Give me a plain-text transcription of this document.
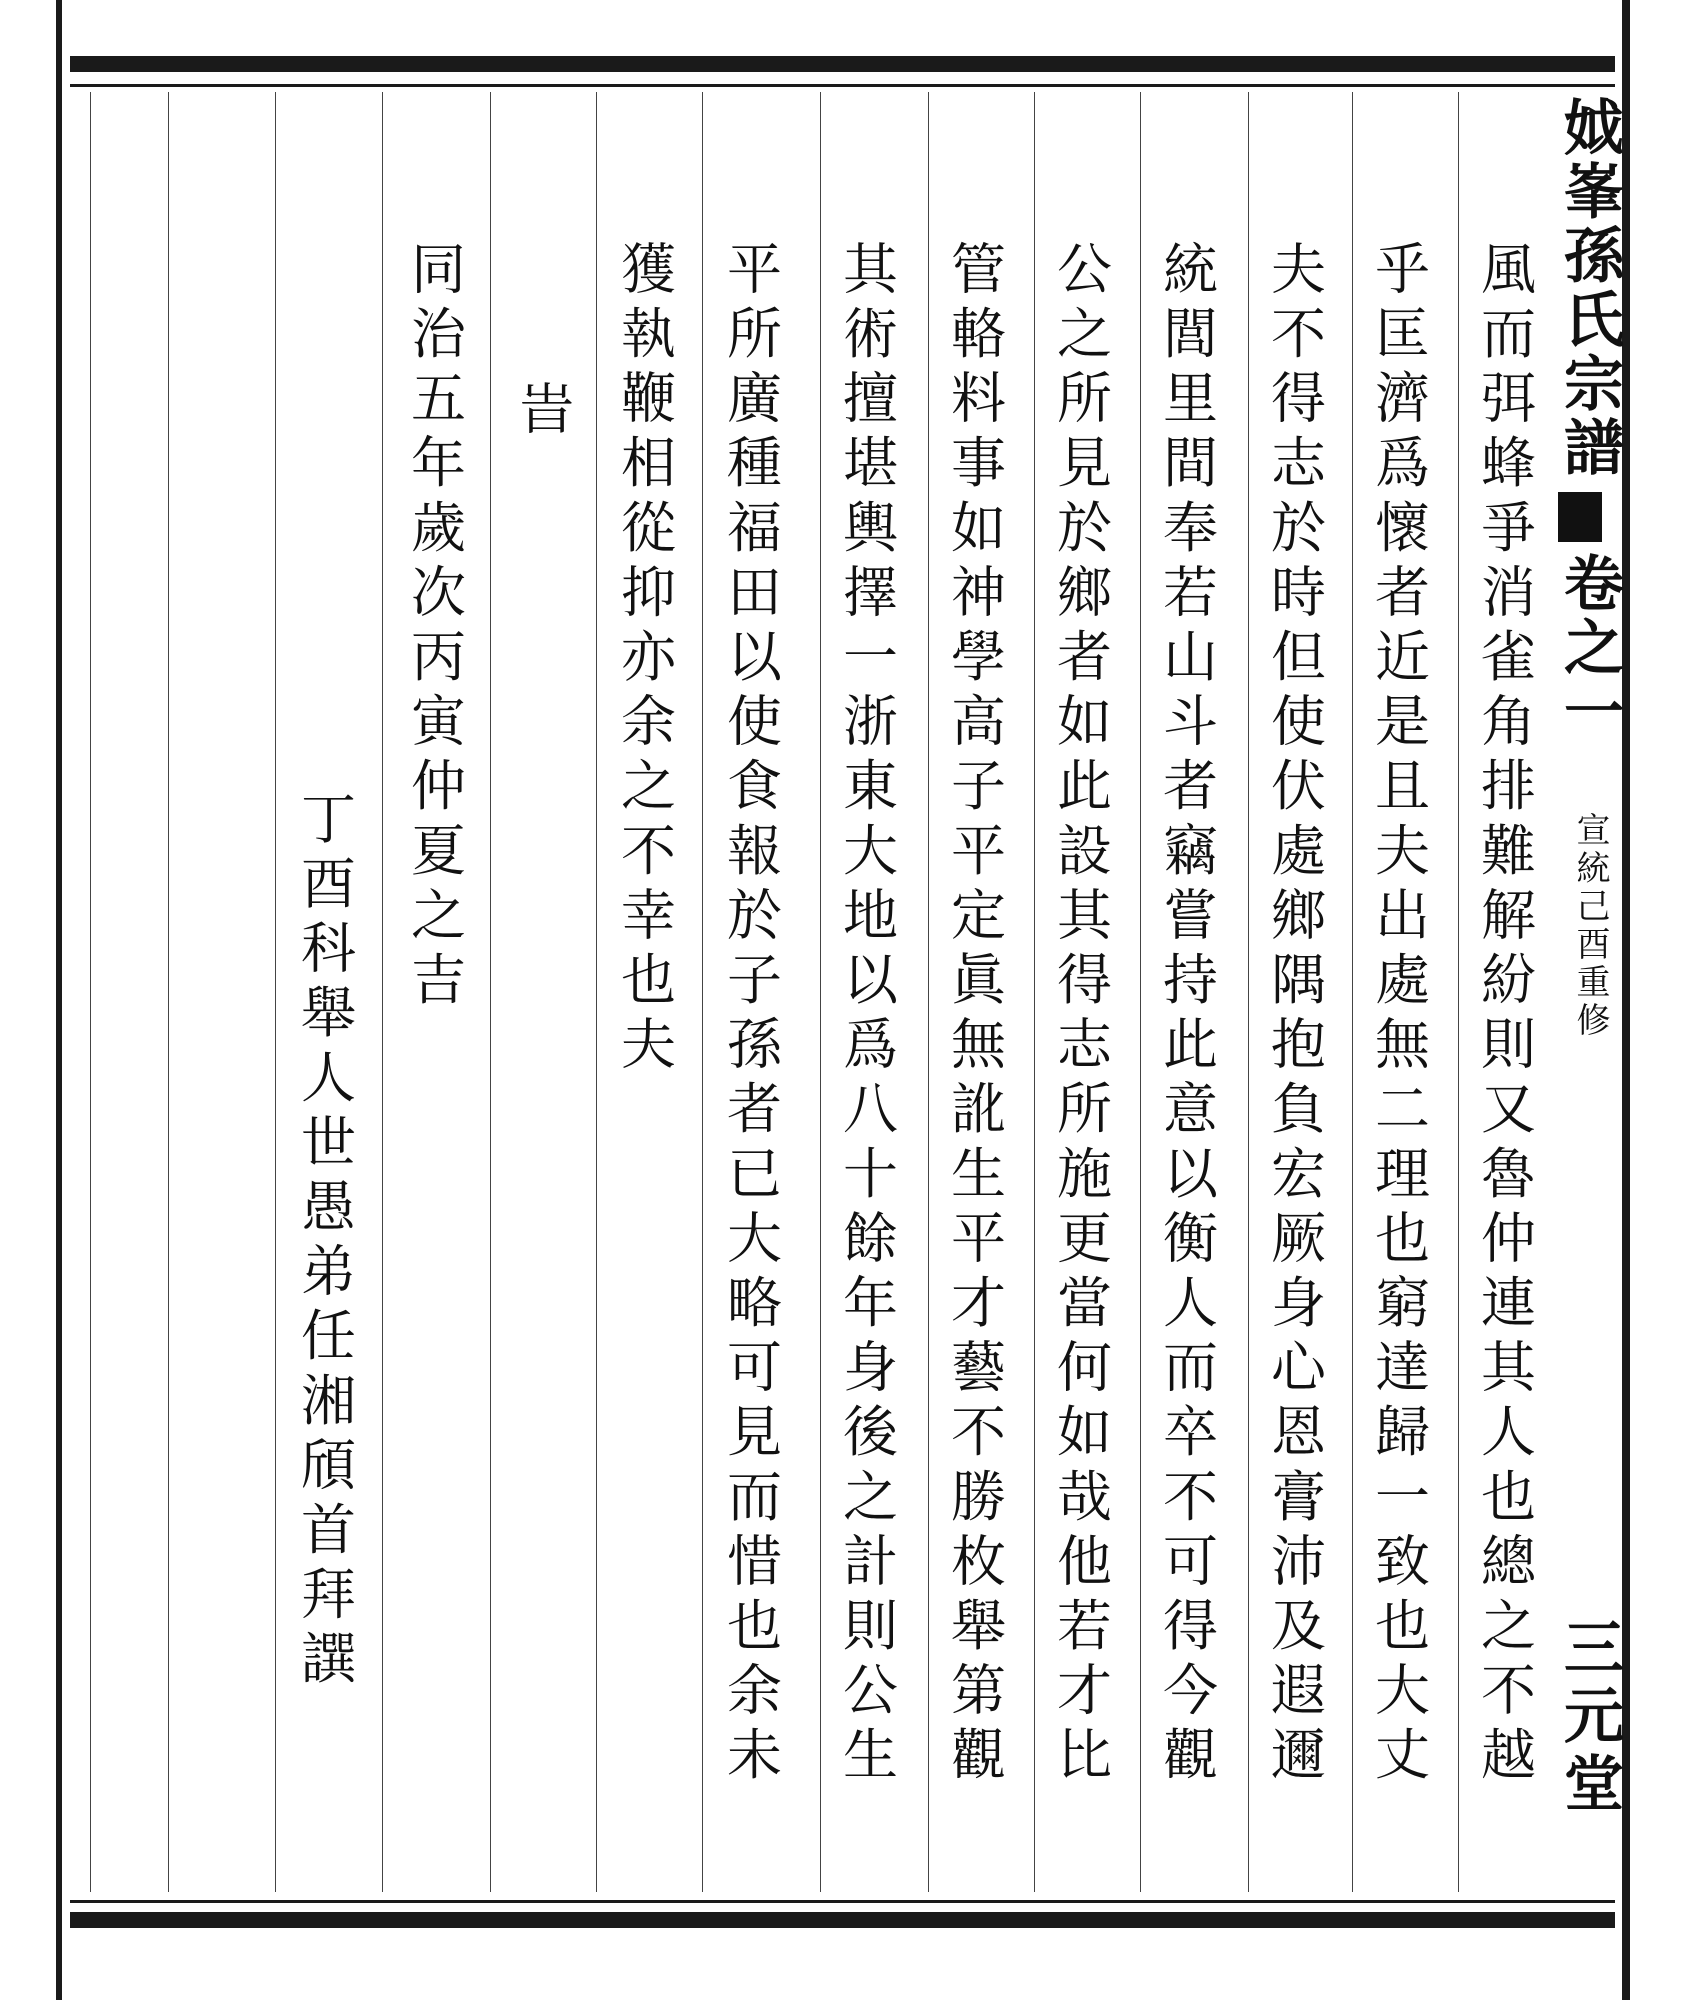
𡛟峯孫氏宗譜
卷之一
宣統己酉重修
三元堂
風而弭蜂爭消雀角排難解紛則又魯仲連其人也總之不越
乎匡濟爲懷者近是且夫出處無二理也窮達歸一致也大丈
夫不得志於時但使伏處鄉隅抱負宏厥身心恩膏沛及遐邇
統閭里間奉若山斗者竊嘗持此意以衡人而卒不可得今觀
公之所見於鄉者如此設其得志所施更當何如哉他若才比
管輅料事如神學高子平定眞無訛生平才藝不勝枚舉第觀
其術擅堪輿擇一浙東大地以爲八十餘年身後之計則公生
平所廣種福田以使食報於子孫者已大略可見而惜也余未
獲執鞭相從抑亦余之不幸也夫
旹
同治五年歲次丙寅仲夏之吉
丁酉科舉人世愚弟任湘頎首拜譔
